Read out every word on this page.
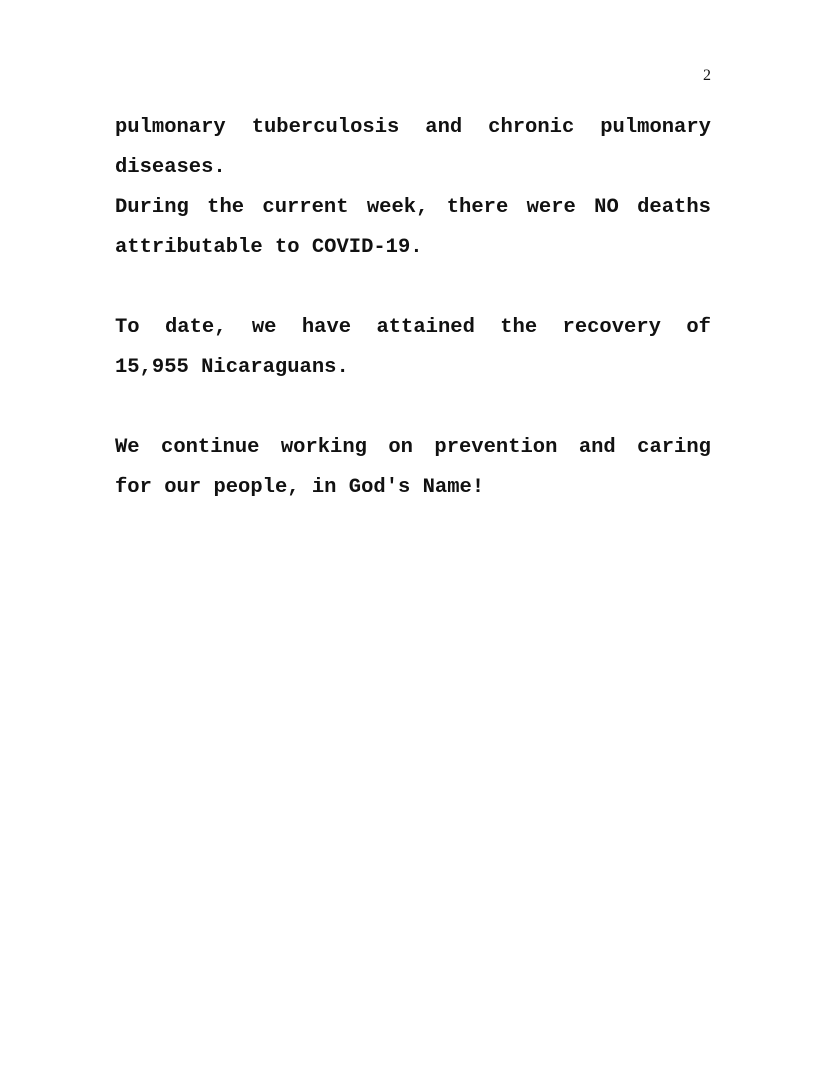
2
pulmonary tuberculosis and chronic pulmonary
diseases.
During the current week, there were NO deaths
attributable to COVID-19.
To date, we have attained the recovery of
15,955 Nicaraguans.
We continue working on prevention and caring
for our people, in God's Name!
